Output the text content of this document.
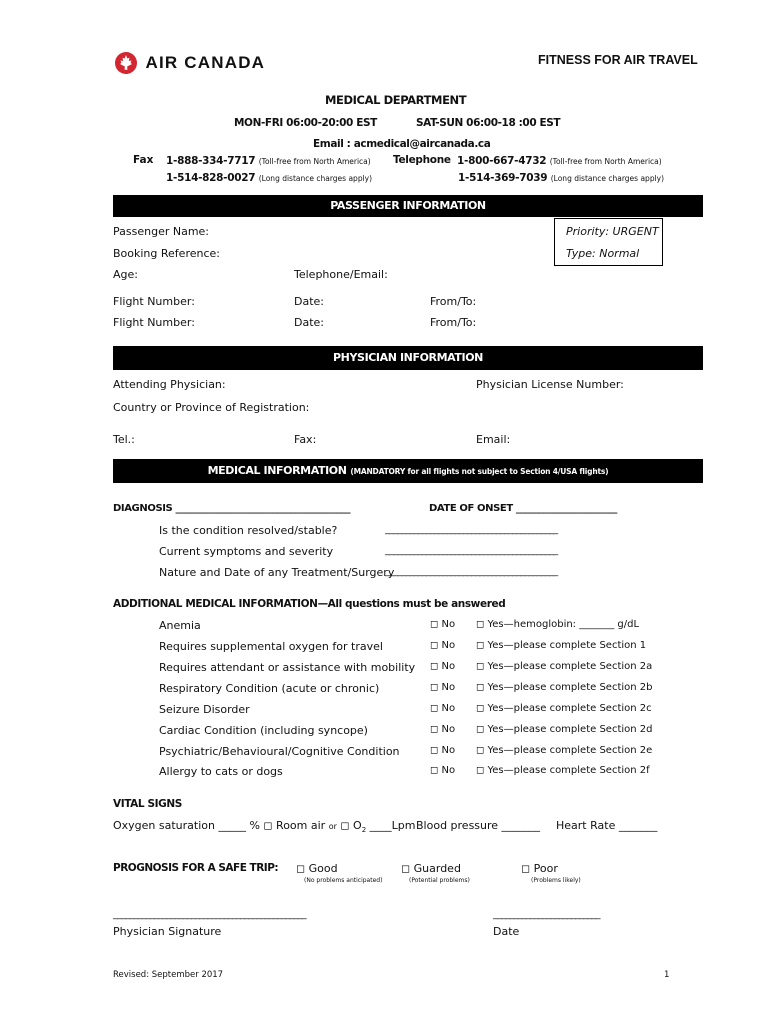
AIR CANADA	FITNESS FOR AIR TRAVEL
MEDICAL DEPARTMENT
MON-FRI 06:00-20:00 EST	SAT-SUN 06:00-18 :00 EST
Email : acmedical@aircanada.ca
Fax 1-888-334-7717 (Toll-free from North America)
1-514-828-0027 (Long distance charges apply)
Telephone 1-800-667-4732 (Toll-free from North America)
1-514-369-7039 (Long distance charges apply)
PASSENGER INFORMATION
Passenger Name:
Booking Reference:
Age:	Telephone/Email:
Flight Number:	Date:	From/To:
Flight Number:	Date:	From/To:
Priority: URGENT
Type: Normal
PHYSICIAN INFORMATION
Attending Physician:	Physician License Number:
Country or Province of Registration:
Tel.:	Fax:	Email:
MEDICAL INFORMATION (MANDATORY for all flights not subject to Section 4/USA flights)
DIAGNOSIS ______________________________________	DATE OF ONSET ______________________
Is the condition resolved/stable?	__________________________________________
Current symptoms and severity	__________________________________________
Nature and Date of any Treatment/Surgery
__________________________________________
ADDITIONAL MEDICAL INFORMATION—All questions must be answered
Anemia	◻ No ◻ Yes—hemoglobin: _______ g/dL
Requires supplemental oxygen for travel	◻ No ◻ Yes—please complete Section 1
Requires attendant or assistance with mobility ◻ No ◻ Yes—please complete Section 2a
Respiratory Condition (acute or chronic)	◻ No ◻ Yes—please complete Section 2b
Seizure Disorder	◻ No ◻ Yes—please complete Section 2c
Cardiac Condition (including syncope)	◻ No ◻ Yes—please complete Section 2d
Psychiatric/Behavioural/Cognitive Condition	◻ No ◻ Yes—please complete Section 2e
Allergy to cats or dogs	◻ No ◻ Yes—please complete Section 2f
VITAL SIGNS
Oxygen saturation _____ % ◻ Room air or ◻ $O_2$ ____Lpm Blood pressure _______ Heart Rate _______
PROGNOSIS FOR A SAFE TRIP: ◻ Good
(No problems anticipated)
◻ Guarded
(Potential problems)
◻ Poor
(Problems likely)
_______________________________________________
Physician Signature
__________________________
Date
Revised: September 2017	1
